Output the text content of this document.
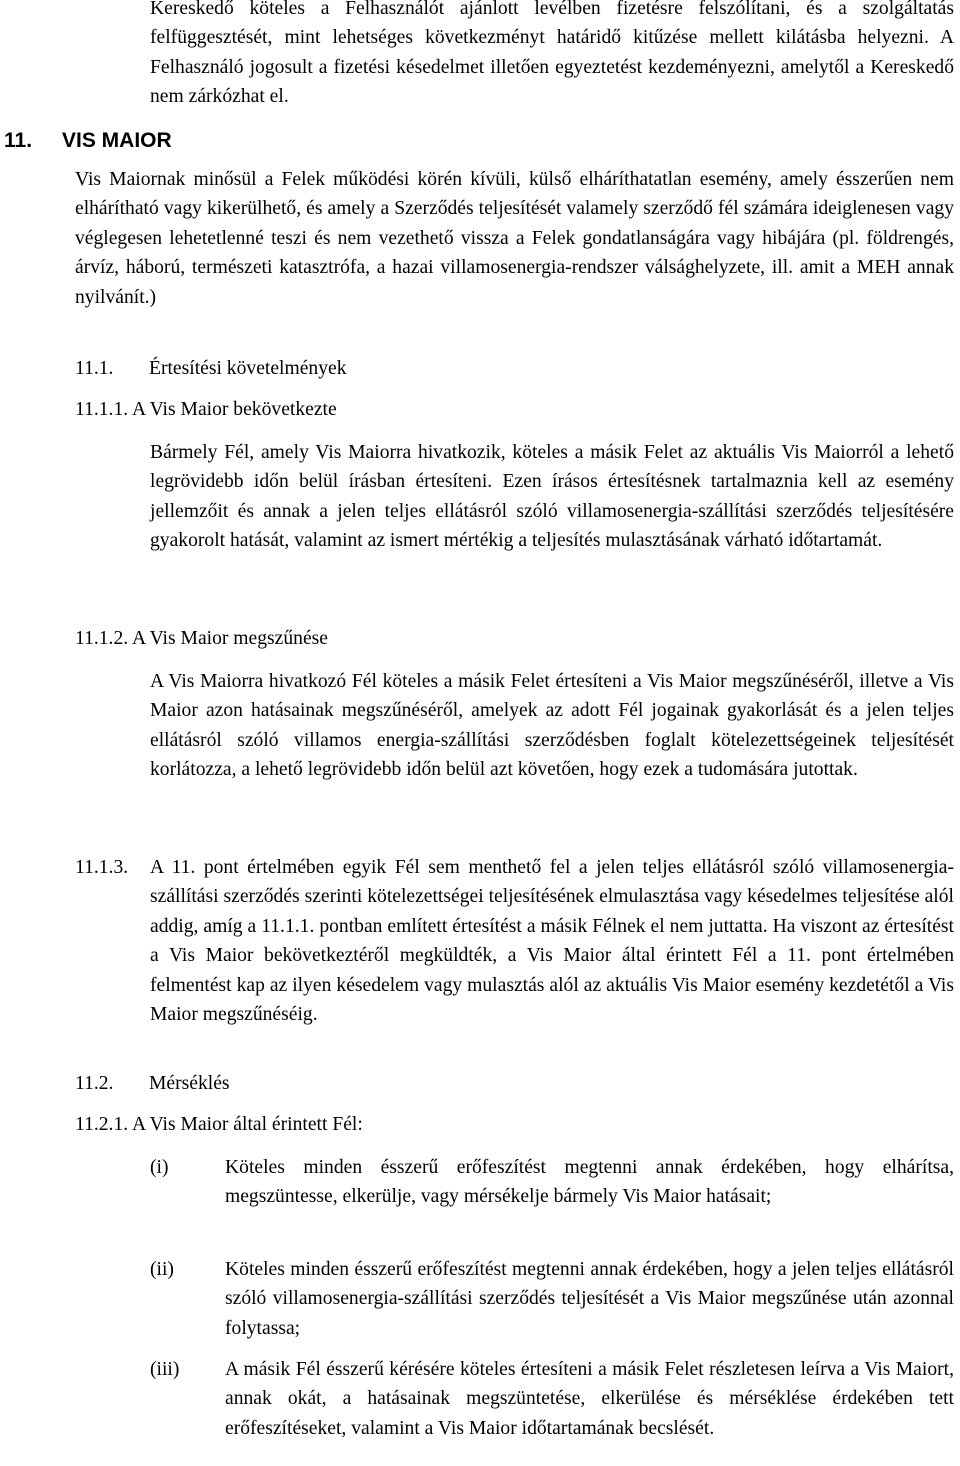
Kereskedő köteles a Felhasználót ajánlott levélben fizetésre felszólítani, és a szolgáltatás felfüggesztését, mint lehetséges következményt határidő kitűzése mellett kilátásba helyezni. A Felhasználó jogosult a fizetési késedelmet illetően egyeztetést kezdeményezni, amelytől a Kereskedő nem zárkózhat el.

11. VIS MAIOR

Vis Maiornak minősül a Felek működési körén kívüli, külső elháríthatatlan esemény, amely ésszerűen nem elhárítható vagy kikerülhető, és amely a Szerződés teljesítését valamely szerződő fél számára ideiglenesen vagy véglegesen lehetetlenné teszi és nem vezethető vissza a Felek gondatlanságára vagy hibájára (pl. földrengés, árvíz, háború, természeti katasztrófa, a hazai villamosenergia-rendszer válsághelyzete, ill. amit a MEH annak nyilvánít.)

11.1. Értesítési követelmények
11.1.1. A Vis Maior bekövetkezte

Bármely Fél, amely Vis Maiorra hivatkozik, köteles a másik Felet az aktuális Vis Maiorról a lehető legrövidebb időn belül írásban értesíteni. Ezen írásos értesítésnek tartalmaznia kell az esemény jellemzőit és annak a jelen teljes ellátásról szóló villamosenergia-szállítási szerződés teljesítésére gyakorolt hatását, valamint az ismert mértékig a teljesítés mulasztásának várható időtartamát.

11.1.2. A Vis Maior megszűnése

A Vis Maiorra hivatkozó Fél köteles a másik Felet értesíteni a Vis Maior megszűnéséről, illetve a Vis Maior azon hatásainak megszűnéséről, amelyek az adott Fél jogainak gyakorlását és a jelen teljes ellátásról szóló villamos energia-szállítási szerződésben foglalt kötelezettségeinek teljesítését korlátozza, a lehető legrövidebb időn belül azt követően, hogy ezek a tudomására jutottak.

11.1.3. A 11. pont értelmében egyik Fél sem menthető fel a jelen teljes ellátásról szóló villamosenergia-szállítási szerződés szerinti kötelezettségei teljesítésének elmulasztása vagy késedelmes teljesítése alól addig, amíg a 11.1.1. pontban említett értesítést a másik Félnek el nem juttatta. Ha viszont az értesítést a Vis Maior bekövetkeztéről megküldték, a Vis Maior által érintett Fél a 11. pont értelmében felmentést kap az ilyen késedelem vagy mulasztás alól az aktuális Vis Maior esemény kezdetétől a Vis Maior megszűnéséig.

11.2. Mérséklés
11.2.1. A Vis Maior által érintett Fél:
(i)	Köteles minden ésszerű erőfeszítést megtenni annak érdekében, hogy elhárítsa, megszüntesse, elkerülje, vagy mérsékelje bármely Vis Maior hatásait;

(ii)	Köteles minden ésszerű erőfeszítést megtenni annak érdekében, hogy a jelen teljes ellátásról szóló villamosenergia-szállítási szerződés teljesítését a Vis Maior megszűnése után azonnal folytassa;

(iii) A másik Fél ésszerű kérésére köteles értesíteni a másik Felet részletesen leírva a Vis Maiort, annak okát, a hatásainak megszüntetése, elkerülése és mérséklése érdekében tett erőfeszítéseket, valamint a Vis Maior időtartamának becslését.
